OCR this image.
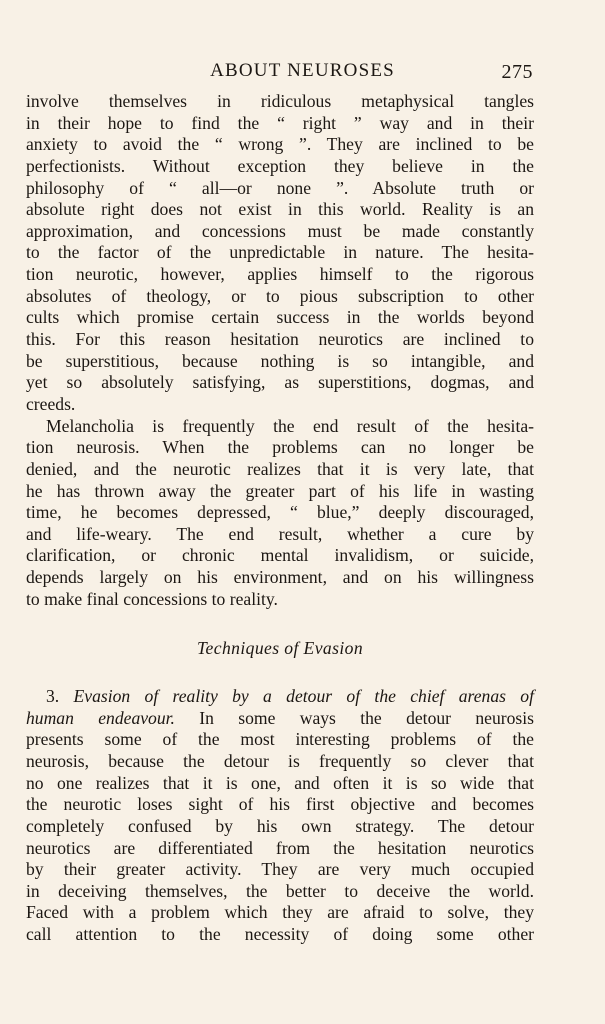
ABOUT NEUROSES	275
involve themselves in ridiculous metaphysical tangles
in their hope to find the “ right ” way and in their
anxiety to avoid the “ wrong ”. They are inclined to be
perfectionists. Without exception they believe in the
philosophy of “ all—or none ”. Absolute truth or
absolute right does not exist in this world. Reality is an
approximation, and concessions must be made constantly
to the factor of the unpredictable in nature. The hesita-
tion neurotic, however, applies himself to the rigorous
absolutes of theology, or to pious subscription to other
cults which promise certain success in the worlds beyond
this. For this reason hesitation neurotics are inclined to
be superstitious, because nothing is so intangible, and
yet so absolutely satisfying, as superstitions, dogmas, and
creeds.
Melancholia is frequently the end result of the hesita-
tion neurosis. When the problems can no longer be
denied, and the neurotic realizes that it is very late, that
he has thrown away the greater part of his life in wasting
time, he becomes depressed, “ blue,” deeply discouraged,
and life-weary. The end result, whether a cure by
clarification, or chronic mental invalidism, or suicide,
depends largely on his environment, and on his willingness
to make final concessions to reality.
Techniques of Evasion
3. Evasion of reality by a detour of the chief arenas of
human endeavour. In some ways the detour neurosis
presents some of the most interesting problems of the
neurosis, because the detour is frequently so clever that
no one realizes that it is one, and often it is so wide that
the neurotic loses sight of his first objective and becomes
completely confused by his own strategy. The detour
neurotics are differentiated from the hesitation neurotics
by their greater activity. They are very much occupied
in deceiving themselves, the better to deceive the world.
Faced with a problem which they are afraid to solve, they
call attention to the necessity of doing some other
